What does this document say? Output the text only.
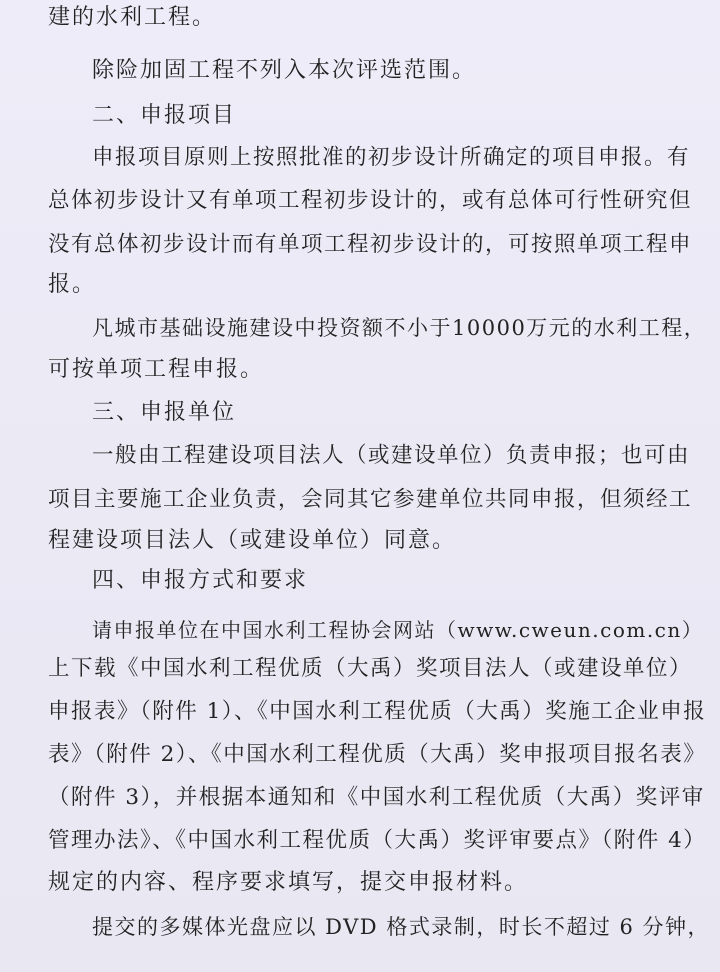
建的水利工程。
除险加固工程不列入本次评选范围。
二、申报项目
申报项目原则上按照批准的初步设计所确定的项目申报。有
总体初步设计又有单项工程初步设计的，或有总体可行性研究但
没有总体初步设计而有单项工程初步设计的，可按照单项工程申
报。
凡城市基础设施建设中投资额不小于10000万元的水利工程，
可按单项工程申报。
三、申报单位
一般由工程建设项目法人（或建设单位）负责申报；也可由
项目主要施工企业负责，会同其它参建单位共同申报，但须经工
程建设项目法人（或建设单位）同意。
四、申报方式和要求
请申报单位在中国水利工程协会网站（www.cweun.com.cn）
上下载《中国水利工程优质（大禹）奖项目法人（或建设单位）
申报表》（附件 1）、《中国水利工程优质（大禹）奖施工企业申报
表》（附件 2）、《中国水利工程优质（大禹）奖申报项目报名表》
（附件 3），并根据本通知和《中国水利工程优质（大禹）奖评审
管理办法》、《中国水利工程优质（大禹）奖评审要点》（附件 4）
规定的内容、程序要求填写，提交申报材料。
提交的多媒体光盘应以 DVD 格式录制，时长不超过 6 分钟，
